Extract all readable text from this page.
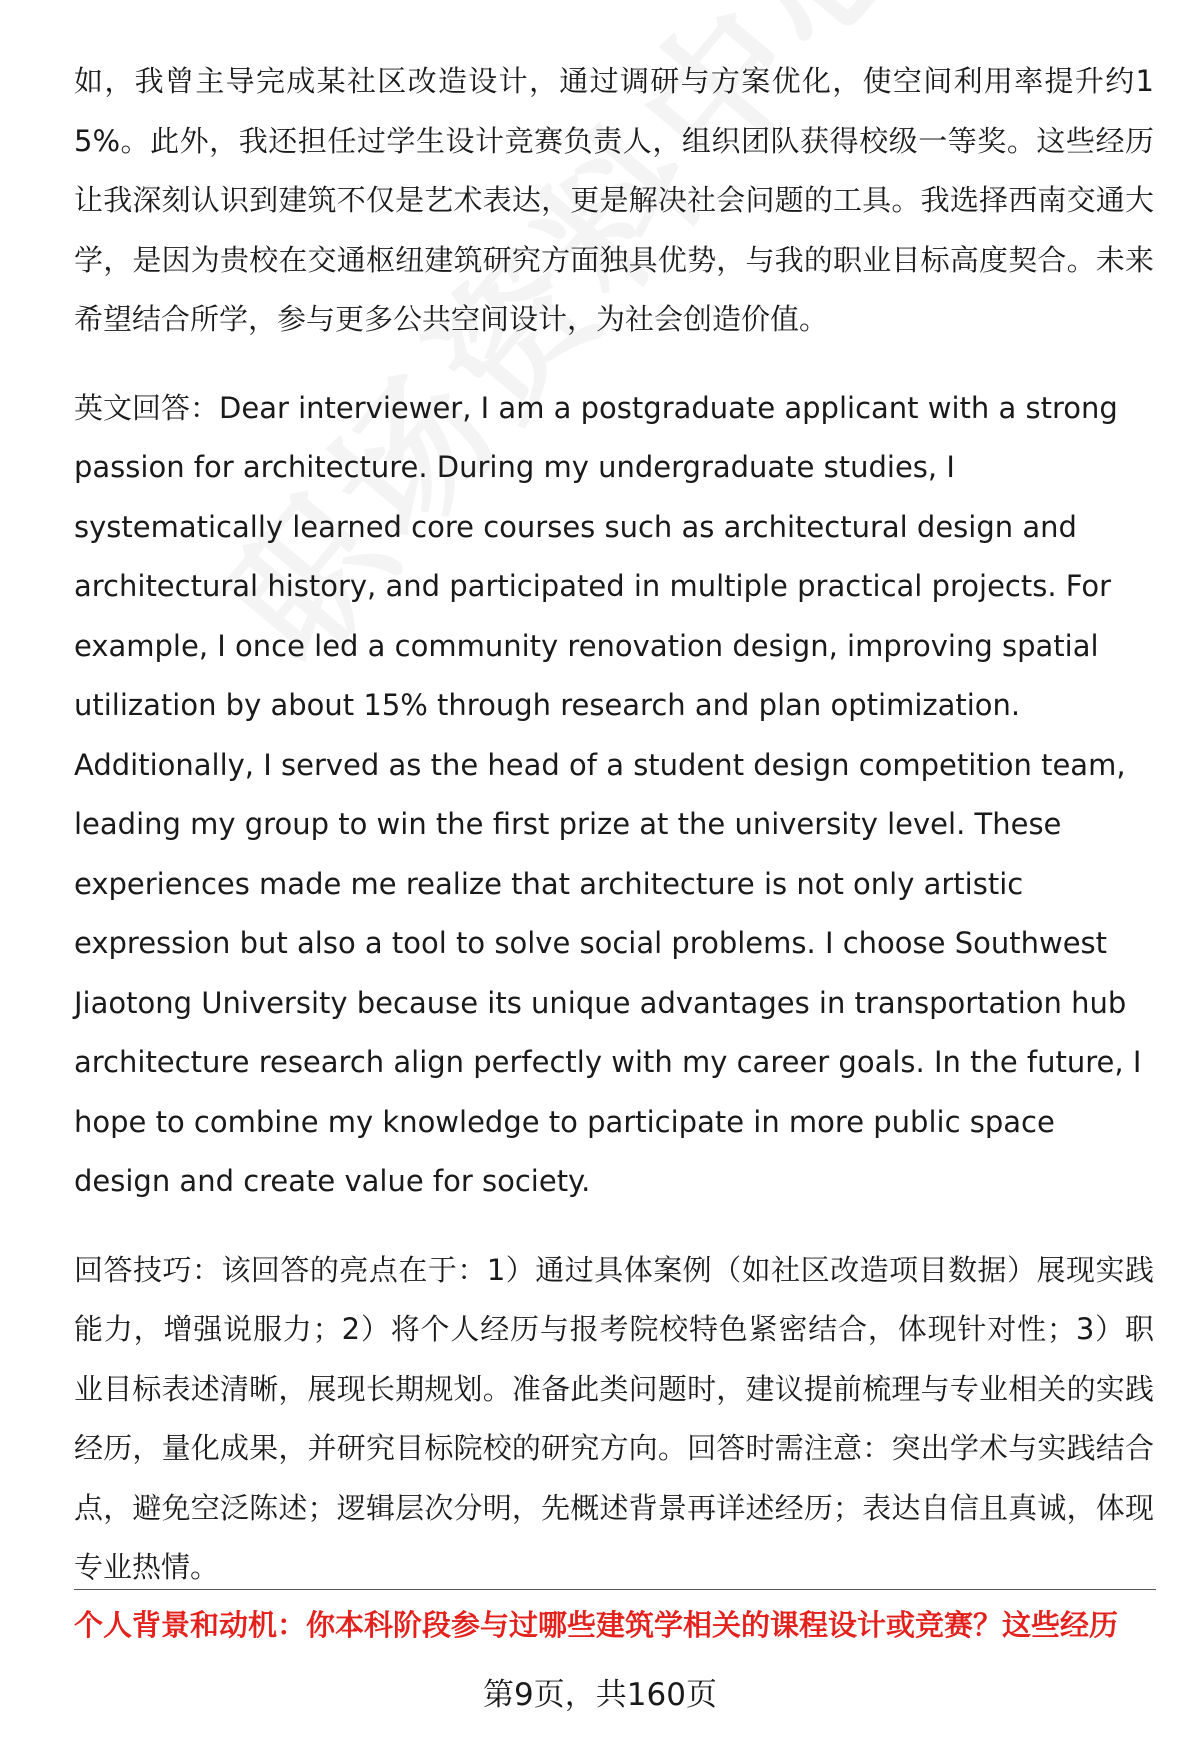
如，我曾主导完成某社区改造设计，通过调研与方案优化，使空间利用率提升约15%。此外，我还担任过学生设计竞赛负责人，组织团队获得校级一等奖。这些经历让我深刻认识到建筑不仅是艺术表达，更是解决社会问题的工具。我选择西南交通大学，是因为贵校在交通枢纽建筑研究方面独具优势，与我的职业目标高度契合。未来希望结合所学，参与更多公共空间设计，为社会创造价值。

英文回答：Dear interviewer, I am a postgraduate applicant with a strong passion for architecture. During my undergraduate studies, I systematically learned core courses such as architectural design and architectural history, and participated in multiple practical projects. For example, I once led a community renovation design, improving spatial utilization by about 15% through research and plan optimization. Additionally, I served as the head of a student design competition team, leading my group to win the first prize at the university level. These experiences made me realize that architecture is not only artistic expression but also a tool to solve social problems. I choose Southwest Jiaotong University because its unique advantages in transportation hub architecture research align perfectly with my career goals. In the future, I hope to combine my knowledge to participate in more public space design and create value for society.

回答技巧：该回答的亮点在于：1）通过具体案例（如社区改造项目数据）展现实践能力，增强说服力；2）将个人经历与报考院校特色紧密结合，体现针对性；3）职业目标表述清晰，展现长期规划。准备此类问题时，建议提前梳理与专业相关的实践经历，量化成果，并研究目标院校的研究方向。回答时需注意：突出学术与实践结合点，避免空泛陈述；逻辑层次分明，先概述背景再详述经历；表达自信且真诚，体现专业热情。

个人背景和动机：你本科阶段参与过哪些建筑学相关的课程设计或竞赛？这些经历
第9页，共160页
